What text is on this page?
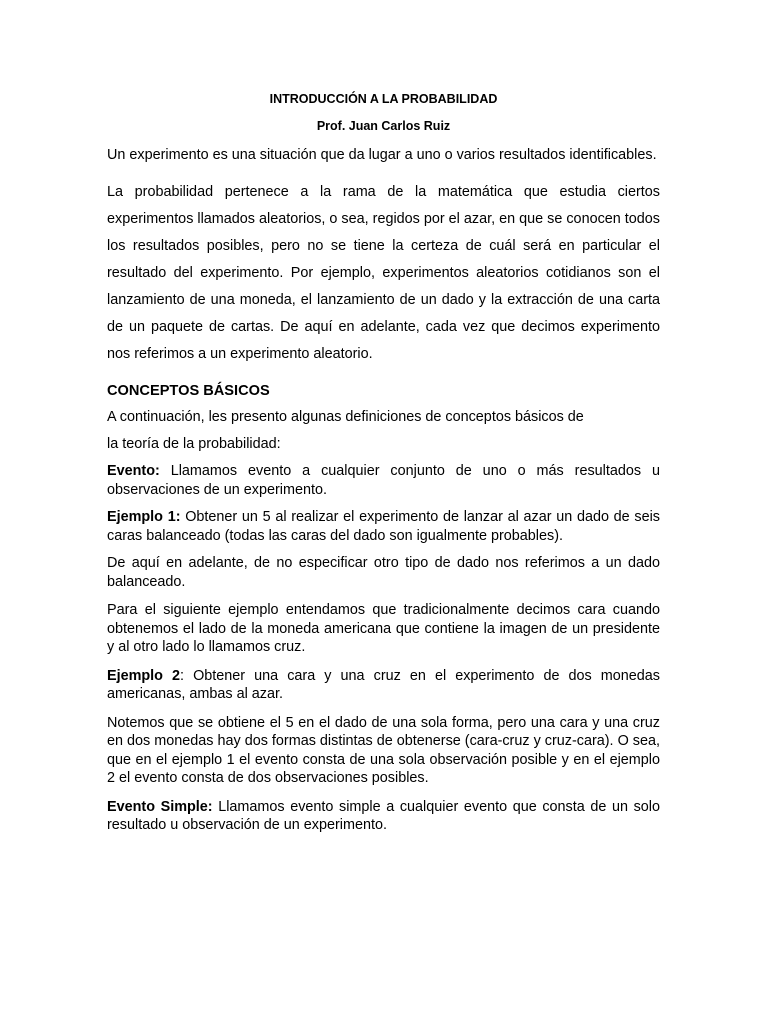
INTRODUCCIÓN A LA PROBABILIDAD

Prof. Juan Carlos Ruiz

Un experimento es una situación que da lugar a uno o varios resultados identificables.

La probabilidad pertenece a la rama de la matemática que estudia ciertos experimentos llamados aleatorios, o sea, regidos por el azar, en que se conocen todos los resultados posibles, pero no se tiene la certeza de cuál será en particular el resultado del experimento. Por ejemplo, experimentos aleatorios cotidianos son el lanzamiento de una moneda, el lanzamiento de un dado y la extracción de una carta de un paquete de cartas. De aquí en adelante, cada vez que decimos experimento nos referimos a un experimento aleatorio.

CONCEPTOS BÁSICOS

A continuación, les presento algunas definiciones de conceptos básicos de

la teoría de la probabilidad:

Evento: Llamamos evento a cualquier conjunto de uno o más resultados u observaciones de un experimento.

Ejemplo 1: Obtener un 5 al realizar el experimento de lanzar al azar un dado de seis caras balanceado (todas las caras del dado son igualmente probables).

De aquí en adelante, de no especificar otro tipo de dado nos referimos a un dado balanceado.

Para el siguiente ejemplo entendamos que tradicionalmente decimos cara cuando obtenemos el lado de la moneda americana que contiene la imagen de un presidente y al otro lado lo llamamos cruz.

Ejemplo 2: Obtener una cara y una cruz en el experimento de dos monedas americanas, ambas al azar.

Notemos que se obtiene el 5 en el dado de una sola forma, pero una cara y una cruz en dos monedas hay dos formas distintas de obtenerse (cara-cruz y cruz-cara). O sea, que en el ejemplo 1 el evento consta de una sola observación posible y en el ejemplo 2 el evento consta de dos observaciones posibles.

Evento Simple: Llamamos evento simple a cualquier evento que consta de un solo resultado u observación de un experimento.
